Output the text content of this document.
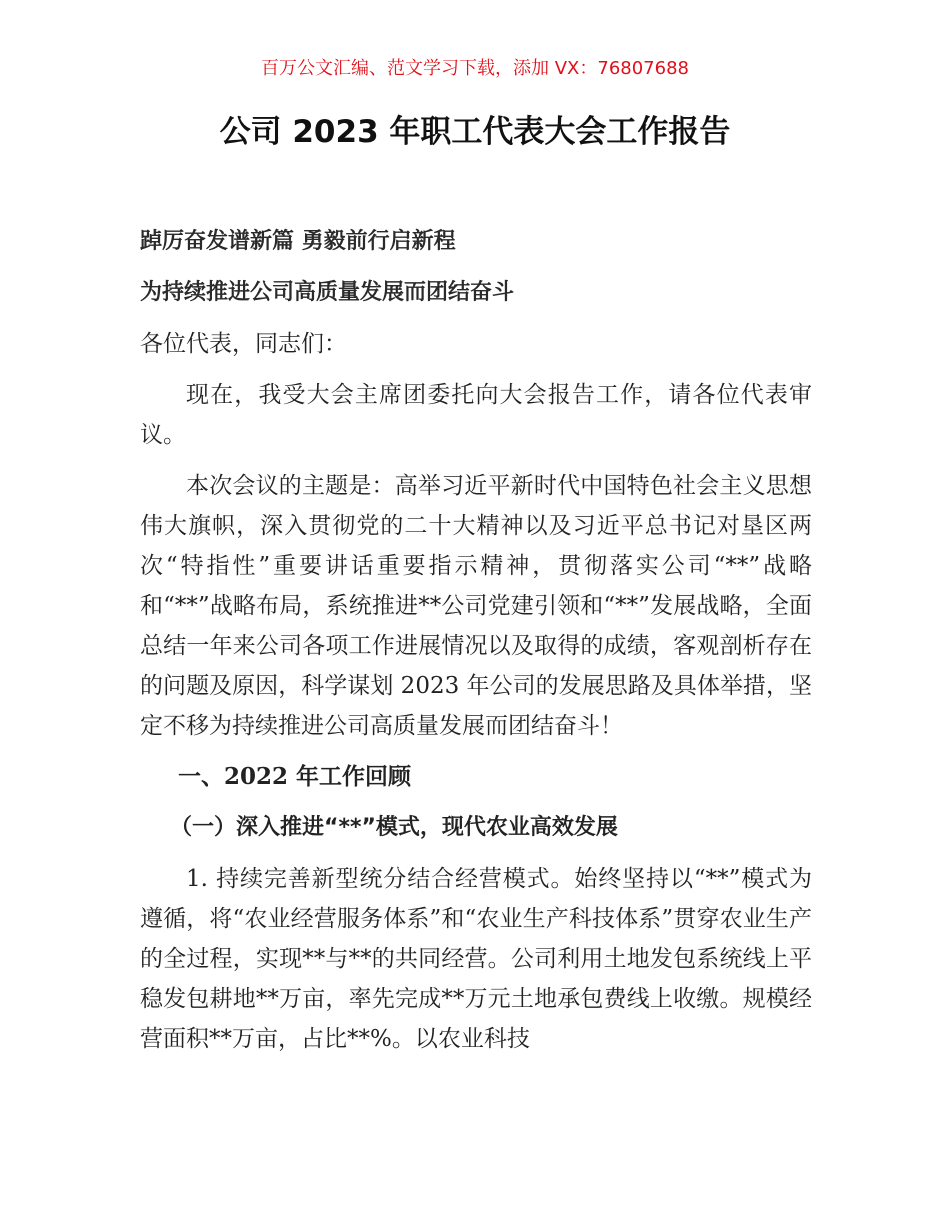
百万公文汇编、范文学习下载，添加 VX：76807688
公司 2023 年职工代表大会工作报告

踔厉奋发谱新篇 勇毅前行启新程

为持续推进公司高质量发展而团结奋斗

各位代表，同志们：

现在，我受大会主席团委托向大会报告工作，请各位代表审议。

本次会议的主题是：高举习近平新时代中国特色社会主义思想伟大旗帜，深入贯彻党的二十大精神以及习近平总书记对垦区两次“特指性”重要讲话重要指示精神，贯彻落实公司“**”战略和“**”战略布局，系统推进**公司党建引领和“**”发展战略，全面总结一年来公司各项工作进展情况以及取得的成绩，客观剖析存在的问题及原因，科学谋划 2023 年公司的发展思路及具体举措，坚定不移为持续推进公司高质量发展而团结奋斗！

一、2022 年工作回顾
（一）深入推进“**”模式，现代农业高效发展

1. 持续完善新型统分结合经营模式。始终坚持以“**”模式为遵循，将“农业经营服务体系”和“农业生产科技体系”贯穿农业生产的全过程，实现**与**的共同经营。公司利用土地发包系统线上平稳发包耕地**万亩，率先完成**万元土地承包费线上收缴。规模经营面积**万亩，占比**%。以农业科技
